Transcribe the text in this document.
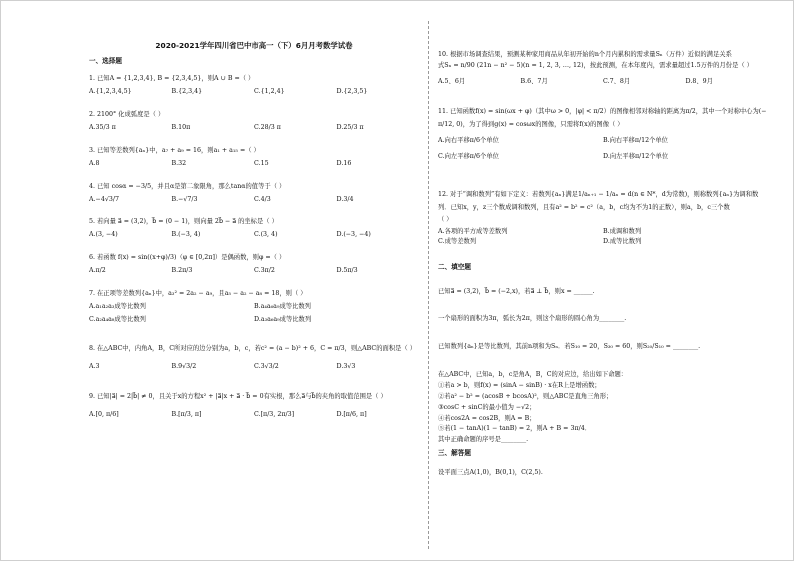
2020-2021学年四川省巴中市高一（下）6月月考数学试卷
一、选择题

1. 已知A = {1,2,3,4}, B = {2,3,4,5}，则A ∪ B =（ ）

A.{1,2,3,4,5}	B.{2,3,4}	C.{1,2,4}	D.{2,3,5}

2. 2100° 化成弧度是（ ）

A.35/3 π	B.10π	C.28/3 π	D.25/3 π

3. 已知等差数列{aₙ}中，a₇ + a₉ = 16，则a₁ + a₁₅ =（ ）

A.8	B.32	C.15	D.16

4. 已知 cosα = −3/5，并且α是第二象限角，那么tanα的值等于（ ）

A.−4√3/7	B.−√7/3	C.4/3	D.3/4

5. 若向量 a⃗ = (3,2)，b⃗ = (0 − 1)，则向量 2b⃗ − a⃗ 的坐标是（ ）

A.(3, −4)	B.(−3, 4)	C.(3, 4)	D.(−3, −4)

6. 若函数 f(x) = sin((x+φ)/3)（φ ∈ [0,2π]）是偶函数，则φ =（ ）

A.π/2	B.2π/3	C.3π/2	D.5π/3

7. 在正项等差数列{aₙ}中，a₃² = 2a₂ − a₉，且a₅ − a₂ − a₈ = 18，则（ ）

A.a₁a₂a₃成等比数列	B.a₄a₆a₉成等比数列
C.a₂a₄a₈成等比数列	D.a₃a₆a₉成等比数列

8. 在△ABC中，内角A，B，C所对应的边分别为a，b，c，若c² = (a − b)² + 6，C = π/3，则△ABC的面积是（ ）

A.3	B.9√3/2	C.3√3/2	D.3√3

9. 已知|a⃗| = 2|b⃗| ≠ 0，且关于x的方程x² + |a⃗|x + a⃗ · b⃗ = 0有实根，那么a⃗与b⃗的夹角的取值范围是（ ）

A.[0, π/6]	B.[π/3, π]	C.[π/3, 2π/3]	D.[π/6, π]

10. 根据市场调查结果，预测某种家用商品从年初开始的n个月内累积的需求量Sₙ（万件）近似的满足关系

式Sₙ = n/90 (21n − n² − 5)(n = 1, 2, 3, …, 12)，按此预测，在本年度内，需求量超过1.5万件的月份是（ ）

A.5、6月	B.6、7月	C.7、8月	D.8、9月

11. 已知函数f(x) = sin(ωx + φ)（其中ω > 0，|φ| < π/2）的图像相邻对称轴的距离为π/2，其中一个对称中心为(−

π/12, 0)，为了得到g(x) = cosωx的图像，只需将f(x)的图像（ ）

A.向右平移π/6个单位	B.向右平移π/12个单位
C.向左平移π/6个单位	D.向左平移π/12个单位

12. 对于“调和数列”有如下定义：若数列{aₙ}满足1/aₙ₊₁ − 1/aₙ = d(n ∈ N*，d为常数)，则称数列{aₙ}为调和数

列．已知x，y，z三个数成调和数列，且有a² = b² = c²（a，b，c均为不为1的正数），则a，b，c三个数

（ ）

A.各项的平方成等差数列	B.成调和数列
C.成等差数列	D.成等比数列
二、填空题

已知a⃗ = (3,2)，b⃗ = (−2,x)，若a⃗ ⊥ b⃗，则x = ______.

一个扇形的面积为3π，弧长为2π，则这个扇形的圆心角为________.

已知数列{aₙ}是等比数列，其前n项和为Sₙ．若S₁₀ = 20，S₃₀ = 60，则S₂₀/S₁₀ = ________.

在△ABC中，已知a，b，c是角A，B，C的对应边，给出如下命题：

①若a > b，则f(x) = (sinA − sinB) · x在R上是增函数；
②若a² − b² = (acosB + bcosA)²，则△ABC是直角三角形；
③cosC + sinC的最小值为 −√2；
④若cos2A = cos2B，则A = B；
⑤若(1 − tanA)(1 − tanB) = 2，则A + B = 3π/4．
其中正确命题的序号是________.
三、解答题

设平面三点A(1,0)，B(0,1)，C(2,5).
